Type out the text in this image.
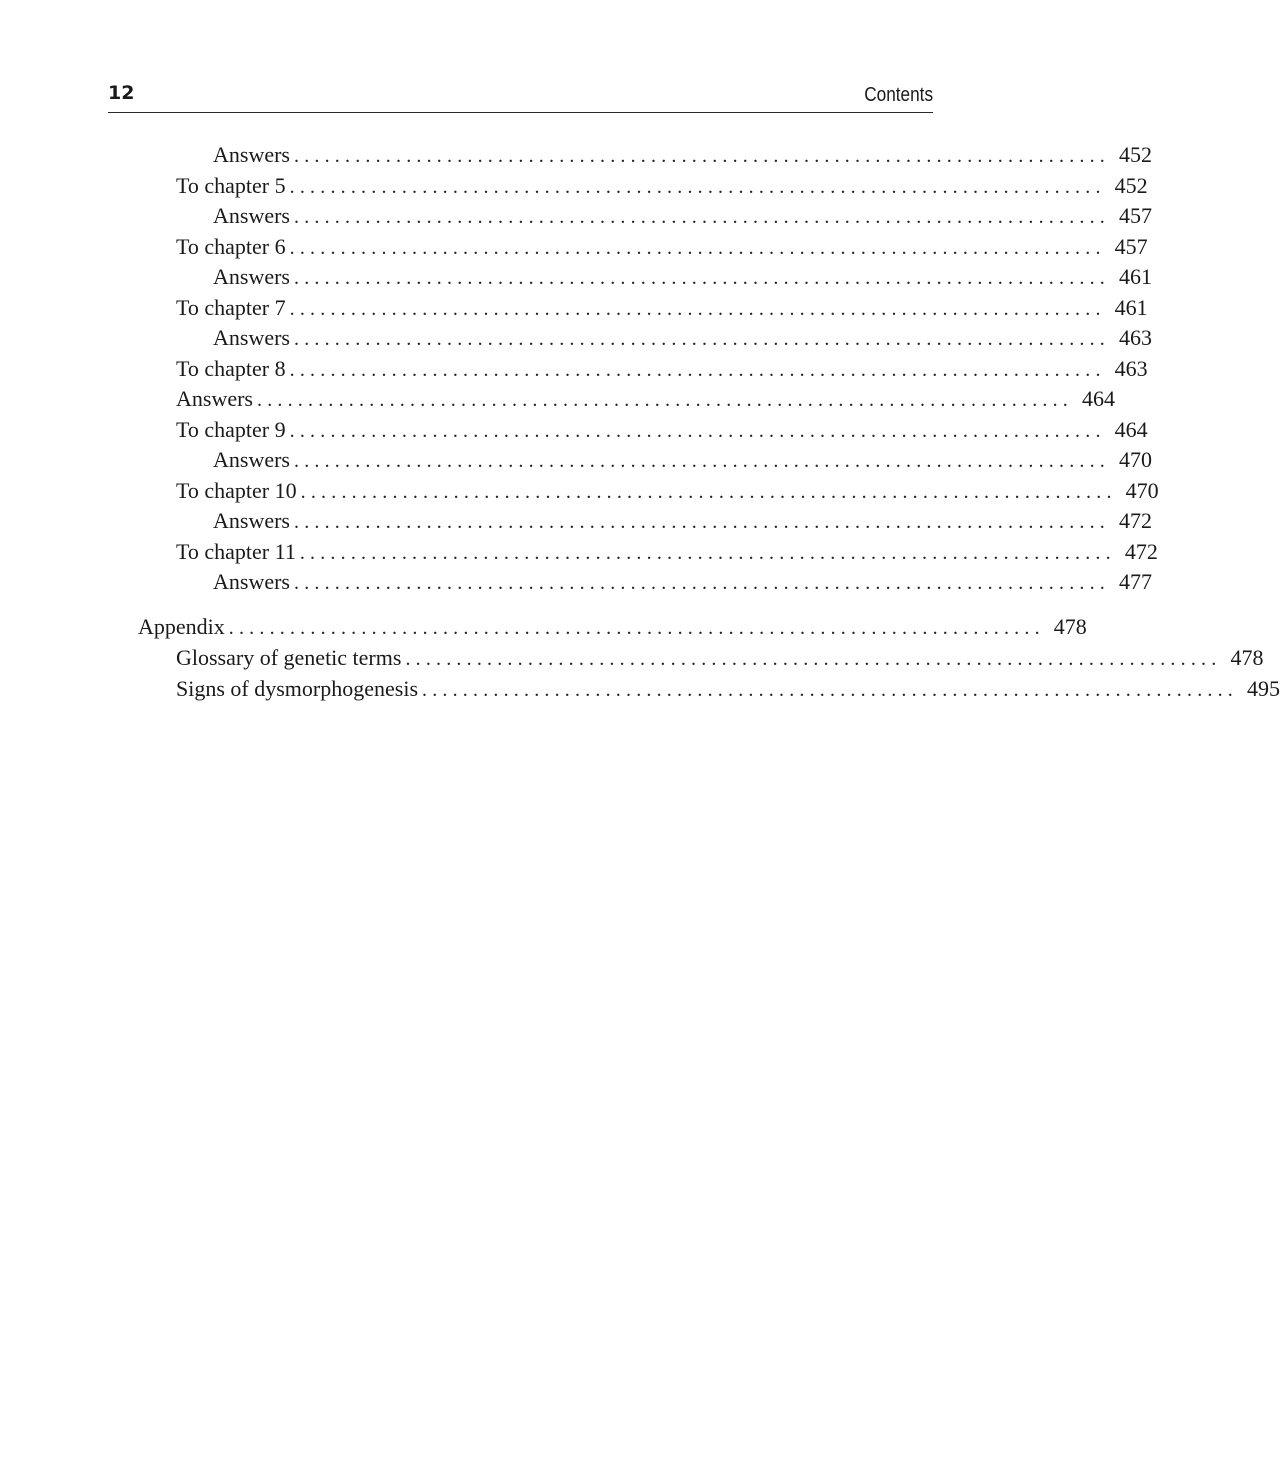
12	Contents
Answers ................................................................................ 452
To chapter 5 ................................................................................ 452
Answers ................................................................................ 457
To chapter 6 ................................................................................ 457
Answers ................................................................................ 461
To chapter 7 ................................................................................ 461
Answers ................................................................................ 463
To chapter 8 ................................................................................ 463
Answers ................................................................................ 464
To chapter 9 ................................................................................ 464
Answers ................................................................................ 470
To chapter 10 ................................................................................ 470
Answers ................................................................................ 472
To chapter 11 ................................................................................ 472
Answers ................................................................................ 477
Appendix ................................................................................ 478
Glossary of genetic terms ................................................................................ 478
Signs of dysmorphogenesis ................................................................................ 495
